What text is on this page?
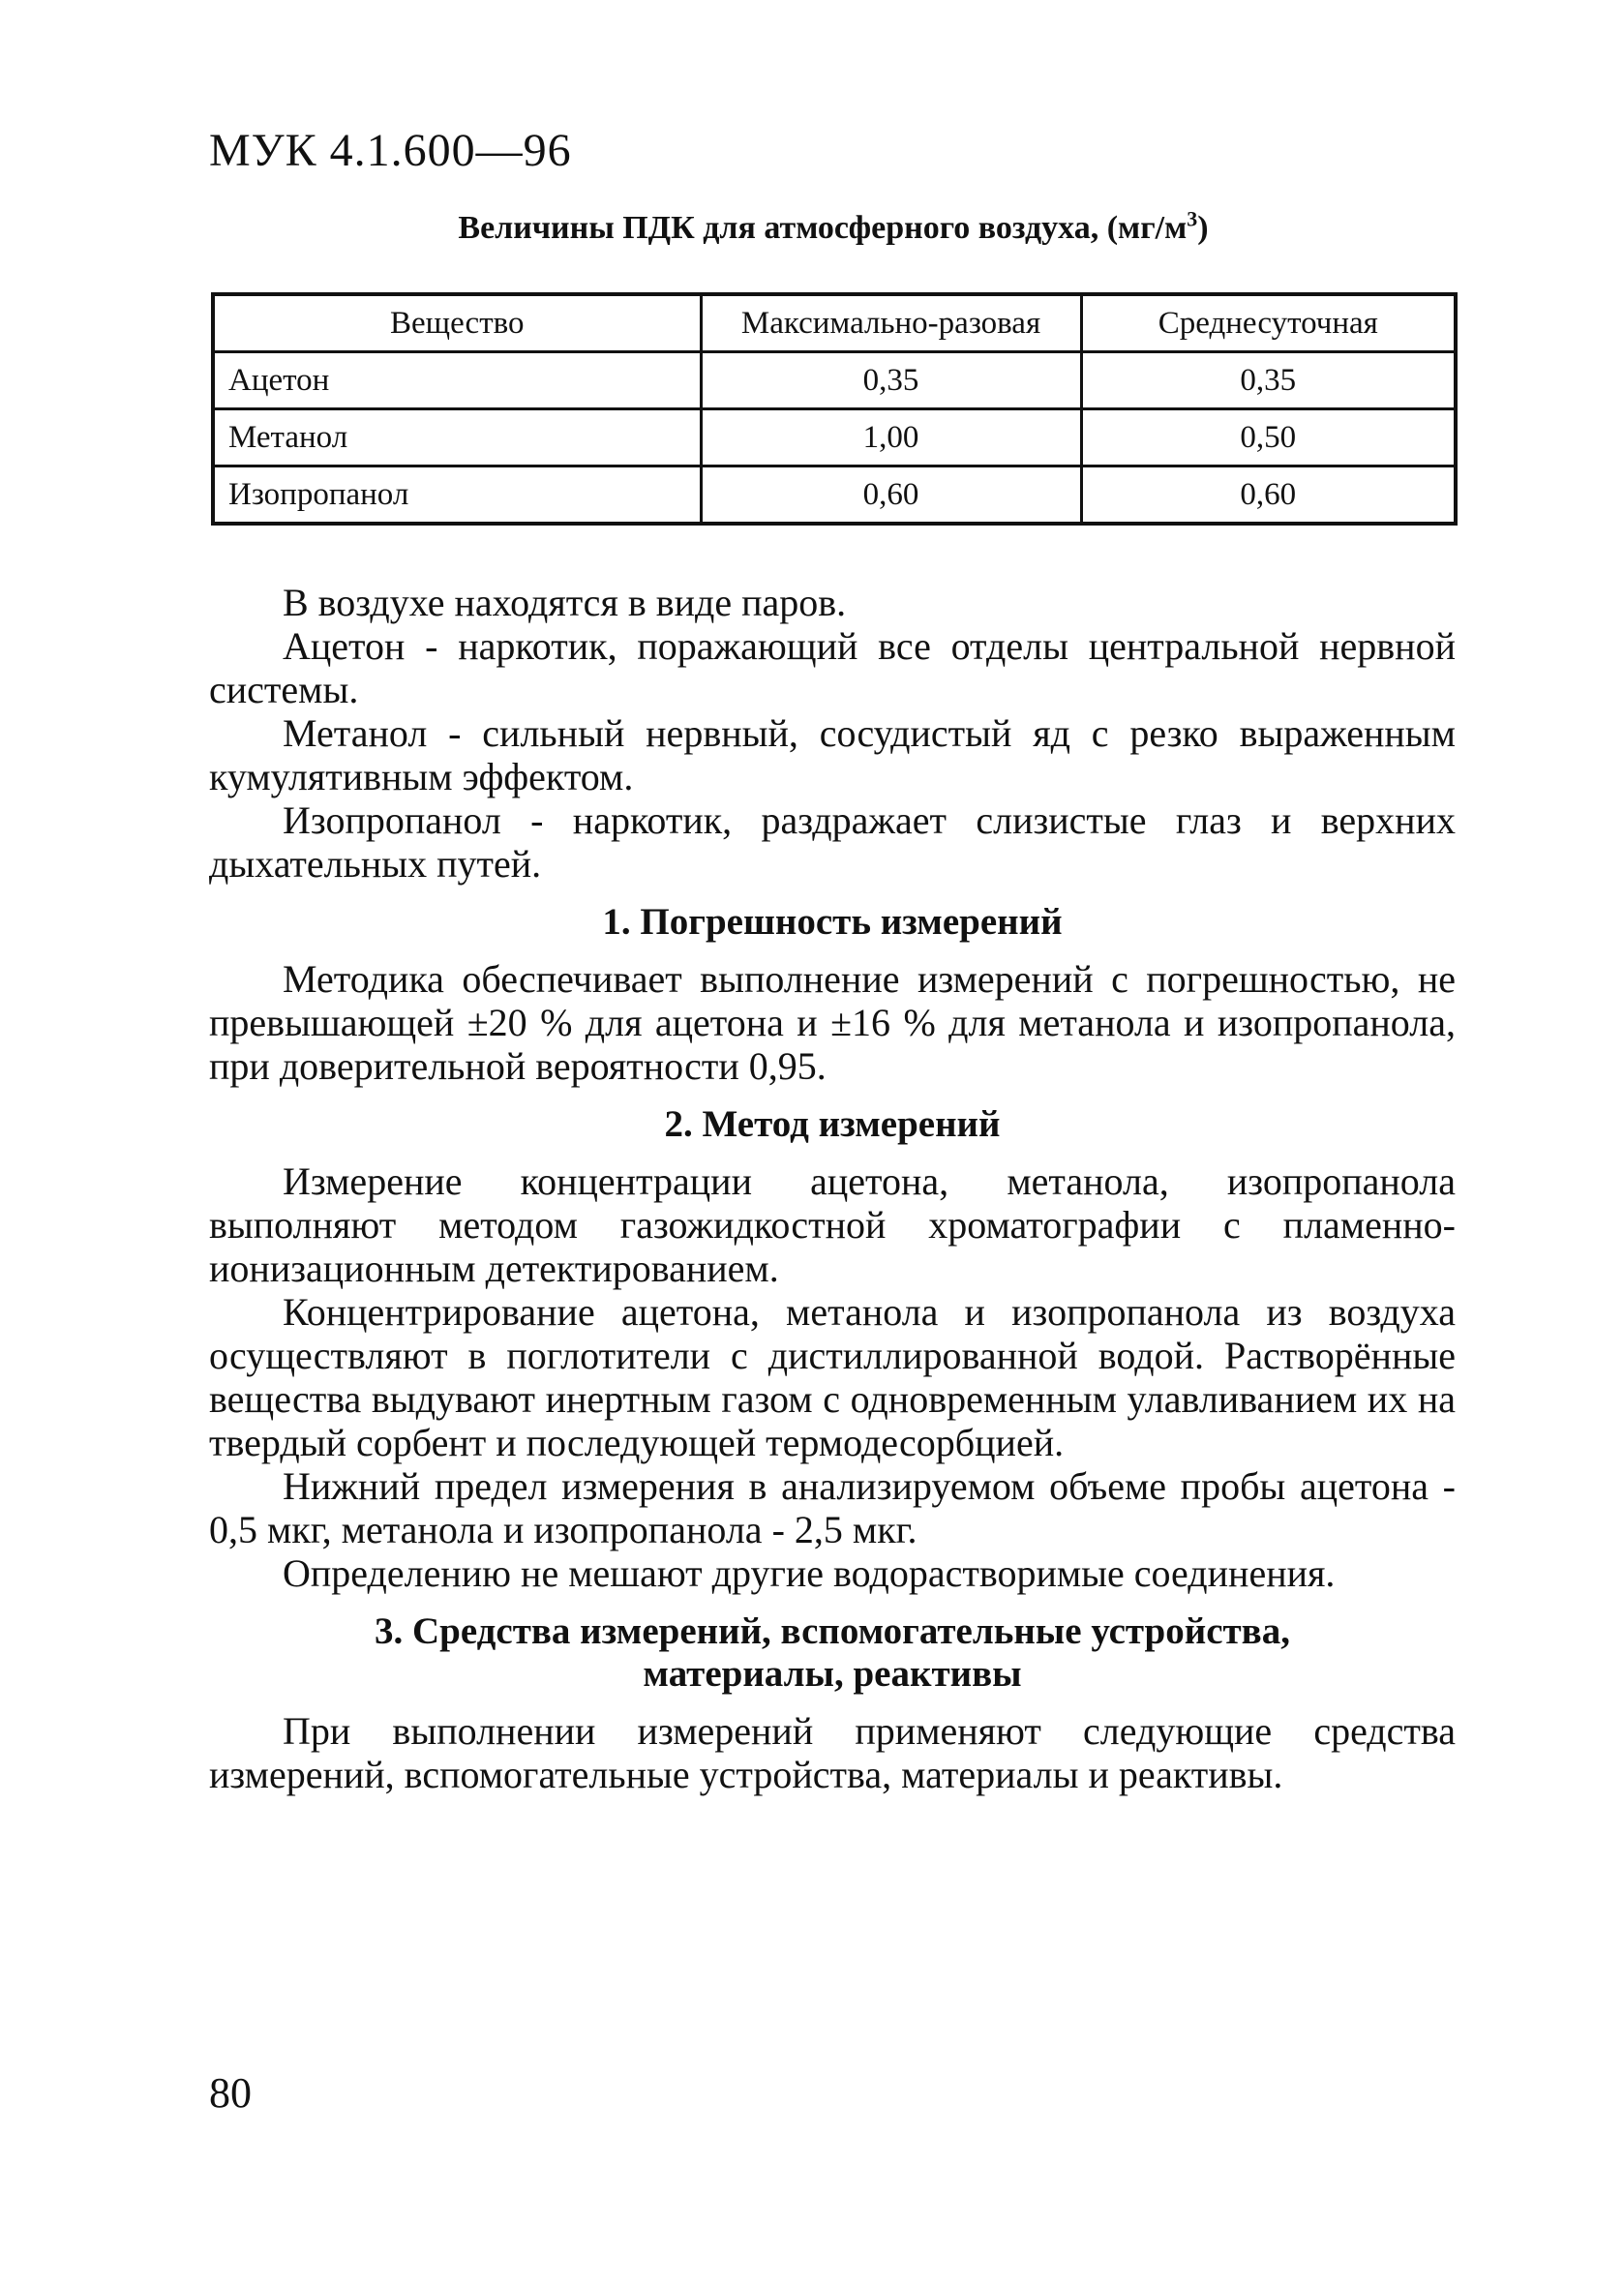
МУК 4.1.600—96
Величины ПДК для атмосферного воздуха, $(мг/м^3)$
Вещество	Максимально-разовая	Среднесуточная
Ацетон	0,35	0,35
Метанол	1,00	0,50
Изопропанол	0,60	0,60

В воздухе находятся в виде паров.

Ацетон - наркотик, поражающий все отделы центральной нервной системы.

Метанол - сильный нервный, сосудистый яд с резко выраженным кумулятивным эффектом.

Изопропанол - наркотик, раздражает слизистые глаз и верхних дыхательных путей.

1. Погрешность измерений

Методика обеспечивает выполнение измерений с погрешностью, не превышающей ±20 % для ацетона и ±16 % для метанола и изопропанола, при доверительной вероятности 0,95.

2. Метод измерений

Измерение концентрации ацетона, метанола, изопропанола выполняют методом газожидкостной хроматографии с пламенно-ионизационным детектированием.

Концентрирование ацетона, метанола и изопропанола из воздуха осуществляют в поглотители с дистиллированной водой. Растворённые вещества выдувают инертным газом с одновременным улавливанием их на твердый сорбент и последующей термодесорбцией.

Нижний предел измерения в анализируемом объеме пробы ацетона - 0,5 мкг, метанола и изопропанола - 2,5 мкг.

Определению не мешают другие водорастворимые соединения.

3. Средства измерений, вспомогательные устройства,
материалы, реактивы

При выполнении измерений применяют следующие средства измерений, вспомогательные устройства, материалы и реактивы.

80
